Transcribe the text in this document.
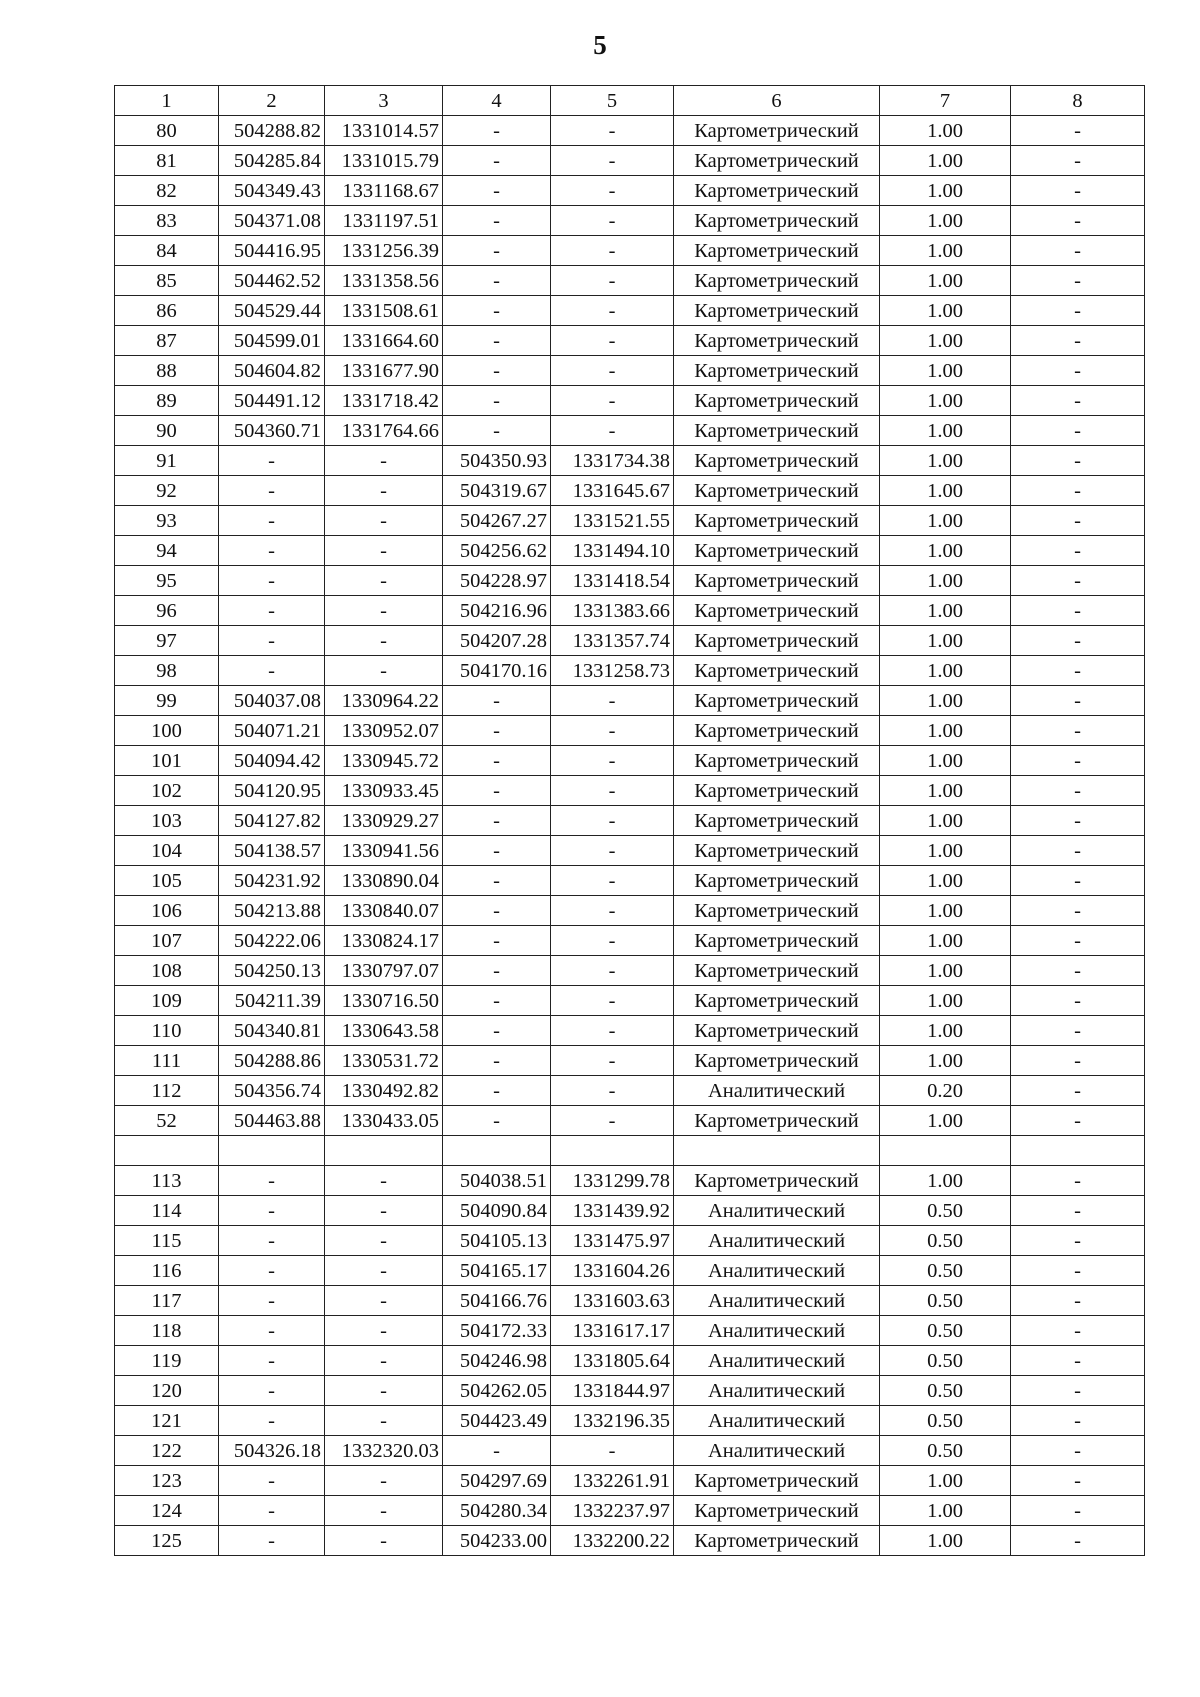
5
1	2	3	4	5	6	7	8
80	504288.82	1331014.57	-	-	Картометрический	1.00	-
81	504285.84	1331015.79	-	-	Картометрический	1.00	-
82	504349.43	1331168.67	-	-	Картометрический	1.00	-
83	504371.08	1331197.51	-	-	Картометрический	1.00	-
84	504416.95	1331256.39	-	-	Картометрический	1.00	-
85	504462.52	1331358.56	-	-	Картометрический	1.00	-
86	504529.44	1331508.61	-	-	Картометрический	1.00	-
87	504599.01	1331664.60	-	-	Картометрический	1.00	-
88	504604.82	1331677.90	-	-	Картометрический	1.00	-
89	504491.12	1331718.42	-	-	Картометрический	1.00	-
90	504360.71	1331764.66	-	-	Картометрический	1.00	-
91	-	-	504350.93	1331734.38	Картометрический	1.00	-
92	-	-	504319.67	1331645.67	Картометрический	1.00	-
93	-	-	504267.27	1331521.55	Картометрический	1.00	-
94	-	-	504256.62	1331494.10	Картометрический	1.00	-
95	-	-	504228.97	1331418.54	Картометрический	1.00	-
96	-	-	504216.96	1331383.66	Картометрический	1.00	-
97	-	-	504207.28	1331357.74	Картометрический	1.00	-
98	-	-	504170.16	1331258.73	Картометрический	1.00	-
99	504037.08	1330964.22	-	-	Картометрический	1.00	-
100	504071.21	1330952.07	-	-	Картометрический	1.00	-
101	504094.42	1330945.72	-	-	Картометрический	1.00	-
102	504120.95	1330933.45	-	-	Картометрический	1.00	-
103	504127.82	1330929.27	-	-	Картометрический	1.00	-
104	504138.57	1330941.56	-	-	Картометрический	1.00	-
105	504231.92	1330890.04	-	-	Картометрический	1.00	-
106	504213.88	1330840.07	-	-	Картометрический	1.00	-
107	504222.06	1330824.17	-	-	Картометрический	1.00	-
108	504250.13	1330797.07	-	-	Картометрический	1.00	-
109	504211.39	1330716.50	-	-	Картометрический	1.00	-
110	504340.81	1330643.58	-	-	Картометрический	1.00	-
111	504288.86	1330531.72	-	-	Картометрический	1.00	-
112	504356.74	1330492.82	-	-	Аналитический	0.20	-
52	504463.88	1330433.05	-	-	Картометрический	1.00	-

113	-	-	504038.51	1331299.78	Картометрический	1.00	-
114	-	-	504090.84	1331439.92	Аналитический	0.50	-
115	-	-	504105.13	1331475.97	Аналитический	0.50	-
116	-	-	504165.17	1331604.26	Аналитический	0.50	-
117	-	-	504166.76	1331603.63	Аналитический	0.50	-
118	-	-	504172.33	1331617.17	Аналитический	0.50	-
119	-	-	504246.98	1331805.64	Аналитический	0.50	-
120	-	-	504262.05	1331844.97	Аналитический	0.50	-
121	-	-	504423.49	1332196.35	Аналитический	0.50	-
122	504326.18	1332320.03	-	-	Аналитический	0.50	-
123	-	-	504297.69	1332261.91	Картометрический	1.00	-
124	-	-	504280.34	1332237.97	Картометрический	1.00	-
125	-	-	504233.00	1332200.22	Картометрический	1.00	-
